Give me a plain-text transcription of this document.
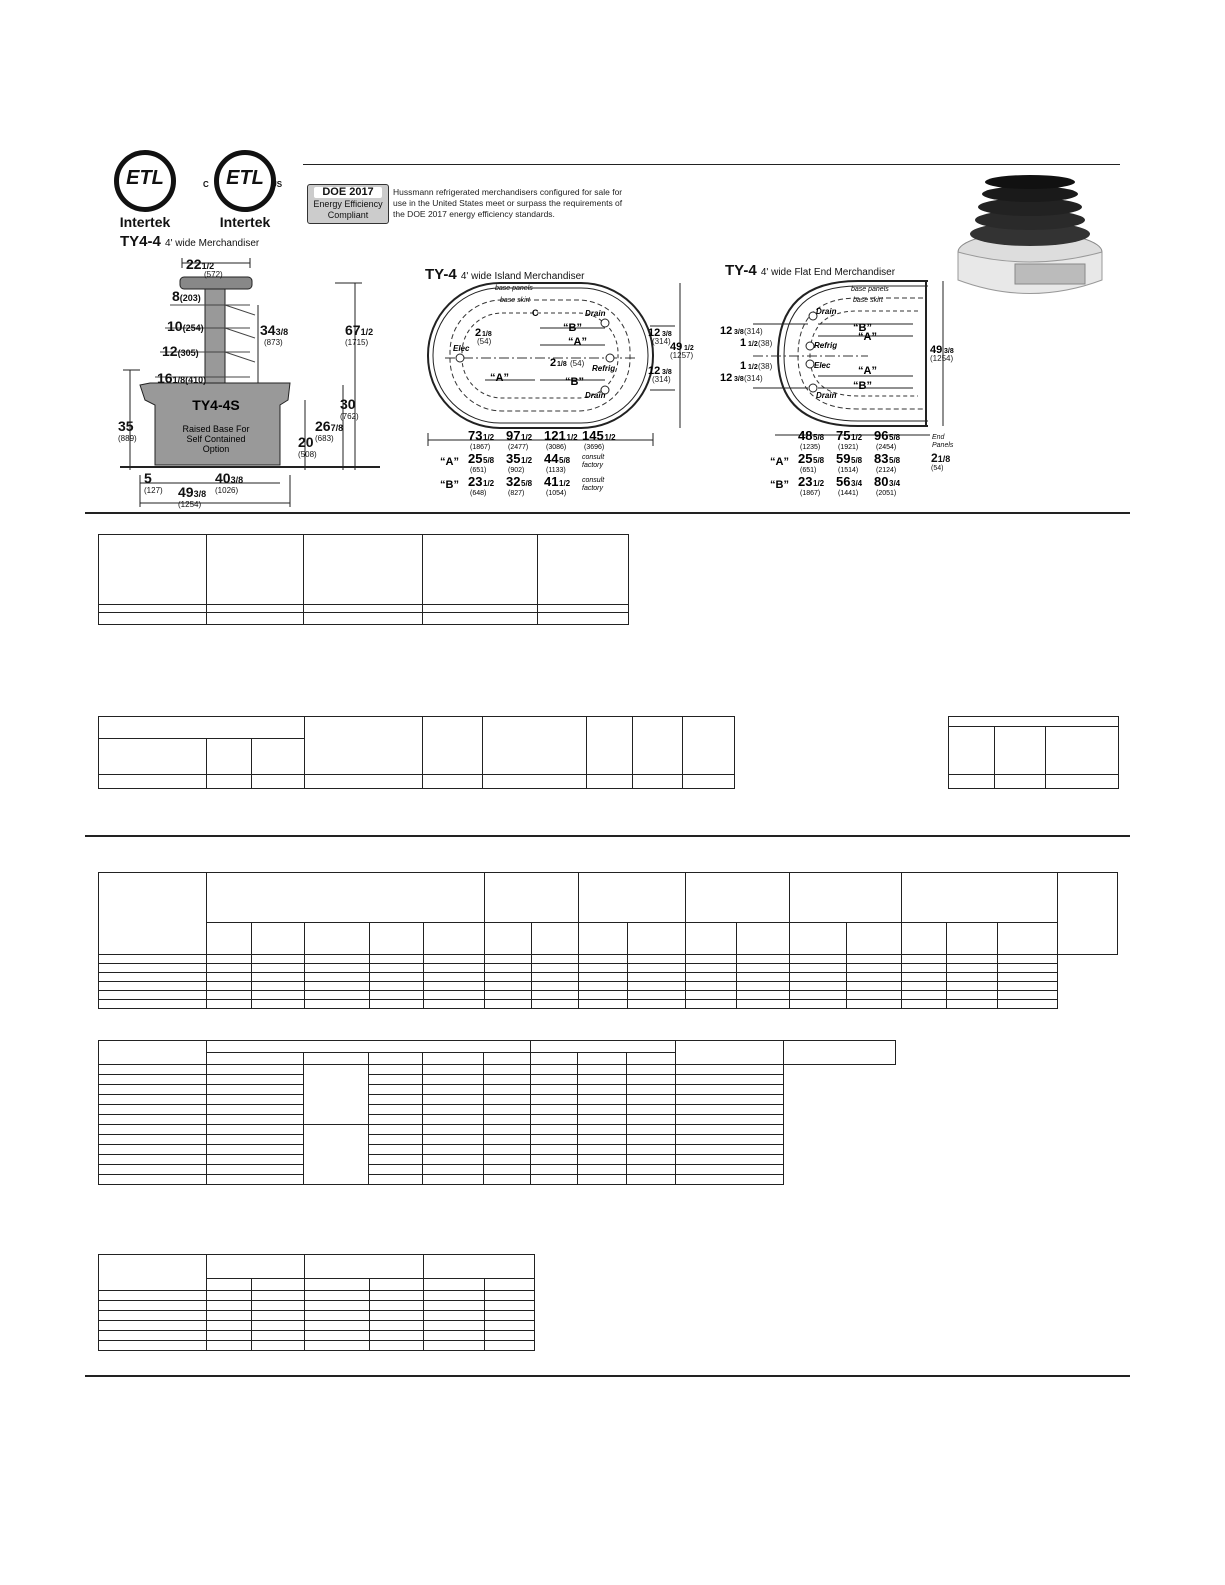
ETL
Intertek
ETL
C	US
Intertek
DOE 2017
Energy Efficiency
Compliant
Hussmann refrigerated merchandisers configured for sale for use in the United States meet or surpass the requirements of the DOE 2017 energy efficiency standards.
TY4-4 4' wide Merchandiser
TY4-4S
Raised Base For
Self Contained
Option
221/2
(572)
8(203)
10(254)
12(305)
161/8(410)
343/8
(873)
671/2
(1715)
35
(889)
30
(762)
267/8
(683)
20
(508)
5
(127)
403/8
(1026)
493/8
(1254)
TY-4 4' wide Island Merchandiser
base panels
base skirt
Drain
Drain
Elec
Refrig
“B”
“A”
“A”	“B”
C
2 1/8
(54)
2 1/8 (54)
12 3/8
(314) 49 1/2
(1257)
12 3/8
(314)
73 1/2
(1867)
97 1/2
(2477)
121 1/2
(3086)
145 1/2
(3696)
“A” 25 5/8
(651)
35 1/2
(902)
44 5/8
(1133)
consult
factory
“B” 23 1/2
(648)
32 5/8
(827)
41 1/2
(1054)
consult
factory
TY-4 4' wide Flat End Merchandiser
base panels
base skirt
Drain
Drain
Refrig
Elec
“B”
“A”
“A”
“B”
12 3/8 (314)
1 1/2 (38)
1 1/2 (38)
12 3/8 (314)
49 3/8
(1254)
End Panels
21/8
(54)
48 5/8
(1235)
75 1/2
(1921)
96 5/8
(2454)
“A” 25 5/8
(651)
59 5/8
(1514)
83 5/8
(2124)
“B” 23 1/2
(1867)
56 3/4
(1441)
80 3/4
(2051)
